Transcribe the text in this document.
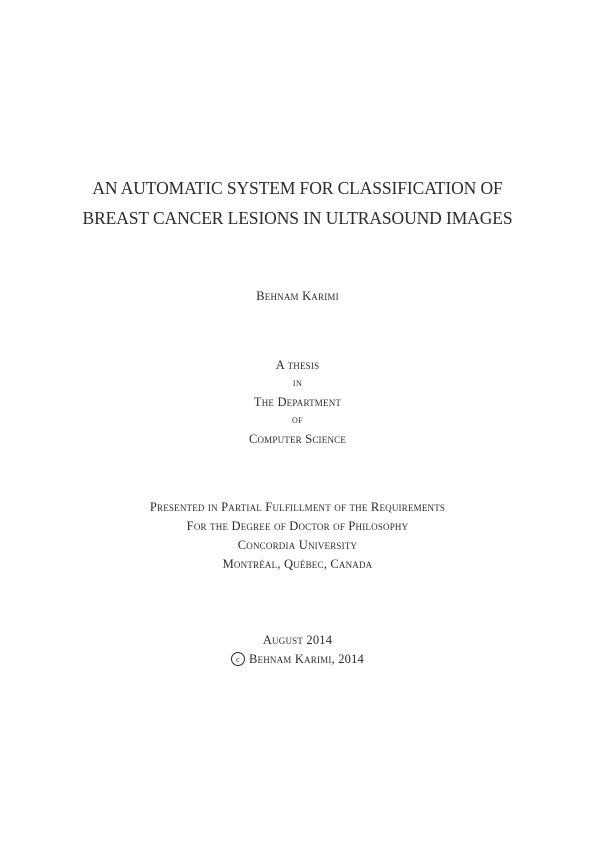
AN AUTOMATIC SYSTEM FOR CLASSIFICATION OF
BREAST CANCER LESIONS IN ULTRASOUND IMAGES
Behnam Karimi
A thesis
in
The Department
of
Computer Science
Presented in Partial Fulfillment of the Requirements
For the Degree of Doctor of Philosophy
Concordia University
Montréal, Québec, Canada
August 2014
c Behnam Karimi, 2014
